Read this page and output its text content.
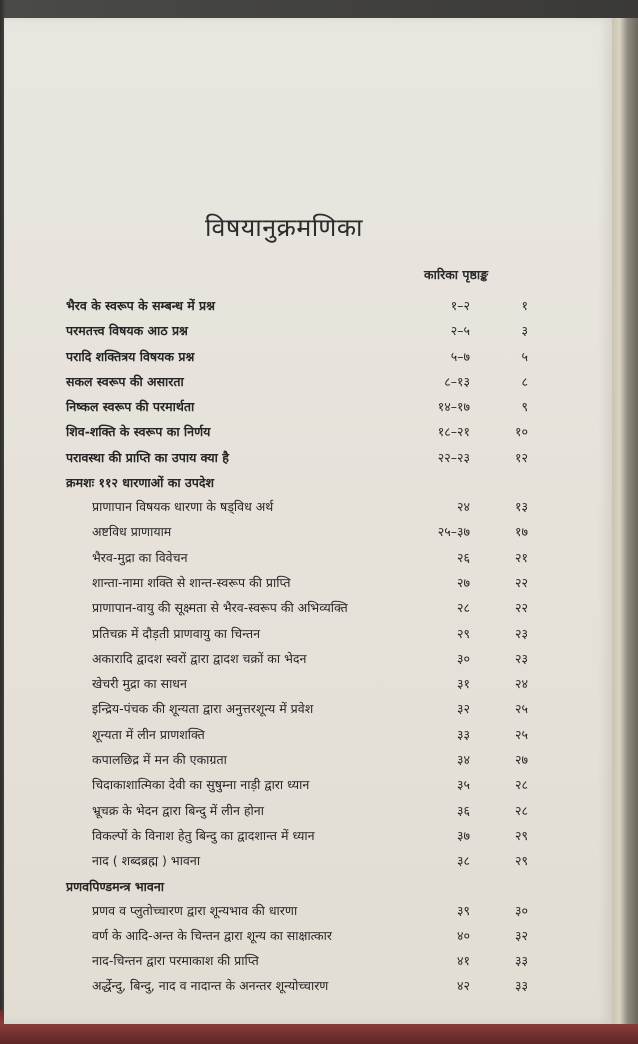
विषयानुक्रमणिका
कारिका पृष्ठाङ्क
भैरव के स्वरूप के सम्बन्ध में प्रश्न	१–२	१
परमतत्त्व विषयक आठ प्रश्न	२–५	३
परादि शक्तित्रय विषयक प्रश्न	५–७	५
सकल स्वरूप की असारता	८–१३	८
निष्कल स्वरूप की परमार्थता	१४–१७	९
शिव-शक्ति के स्वरूप का निर्णय	१८–२१	१०
परावस्था की प्राप्ति का उपाय क्या है	२२–२३	१२
क्रमशः ११२ धारणाओं का उपदेश
प्राणापान विषयक धारणा के षड्विध अर्थ	२४	१३
अष्टविध प्राणायाम	२५–३७	१७
भैरव-मुद्रा का विवेचन	२६	२१
शान्ता-नामा शक्ति से शान्त-स्वरूप की प्राप्ति	२७	२२
प्राणापान-वायु की सूक्ष्मता से भैरव-स्वरूप की अभिव्यक्ति	२८	२२
प्रतिचक्र में दौड़ती प्राणवायु का चिन्तन	२९	२३
अकारादि द्वादश स्वरों द्वारा द्वादश चक्रों का भेदन	३०	२३
खेचरी मुद्रा का साधन	३१	२४
इन्द्रिय-पंचक की शून्यता द्वारा अनुत्तरशून्य में प्रवेश	३२	२५
शून्यता में लीन प्राणशक्ति	३३	२५
कपालछिद्र में मन की एकाग्रता	३४	२७
चिदाकाशात्मिका देवी का सुषुम्ना नाड़ी द्वारा ध्यान	३५	२८
भ्रूचक्र के भेदन द्वारा बिन्दु में लीन होना	३६	२८
विकल्पों के विनाश हेतु बिन्दु का द्वादशान्त में ध्यान	३७	२९
नाद ( शब्दब्रह्म ) भावना	३८	२९
प्रणवपिण्डमन्त्र भावना
प्रणव व प्लुतोच्चारण द्वारा शून्यभाव की धारणा	३९	३०
वर्ण के आदि-अन्त के चिन्तन द्वारा शून्य का साक्षात्कार	४०	३२
नाद-चिन्तन द्वारा परमाकाश की प्राप्ति	४१	३३
अर्द्धेन्दु, बिन्दु, नाद व नादान्त के अनन्तर शून्योच्चारण	४२	३३
